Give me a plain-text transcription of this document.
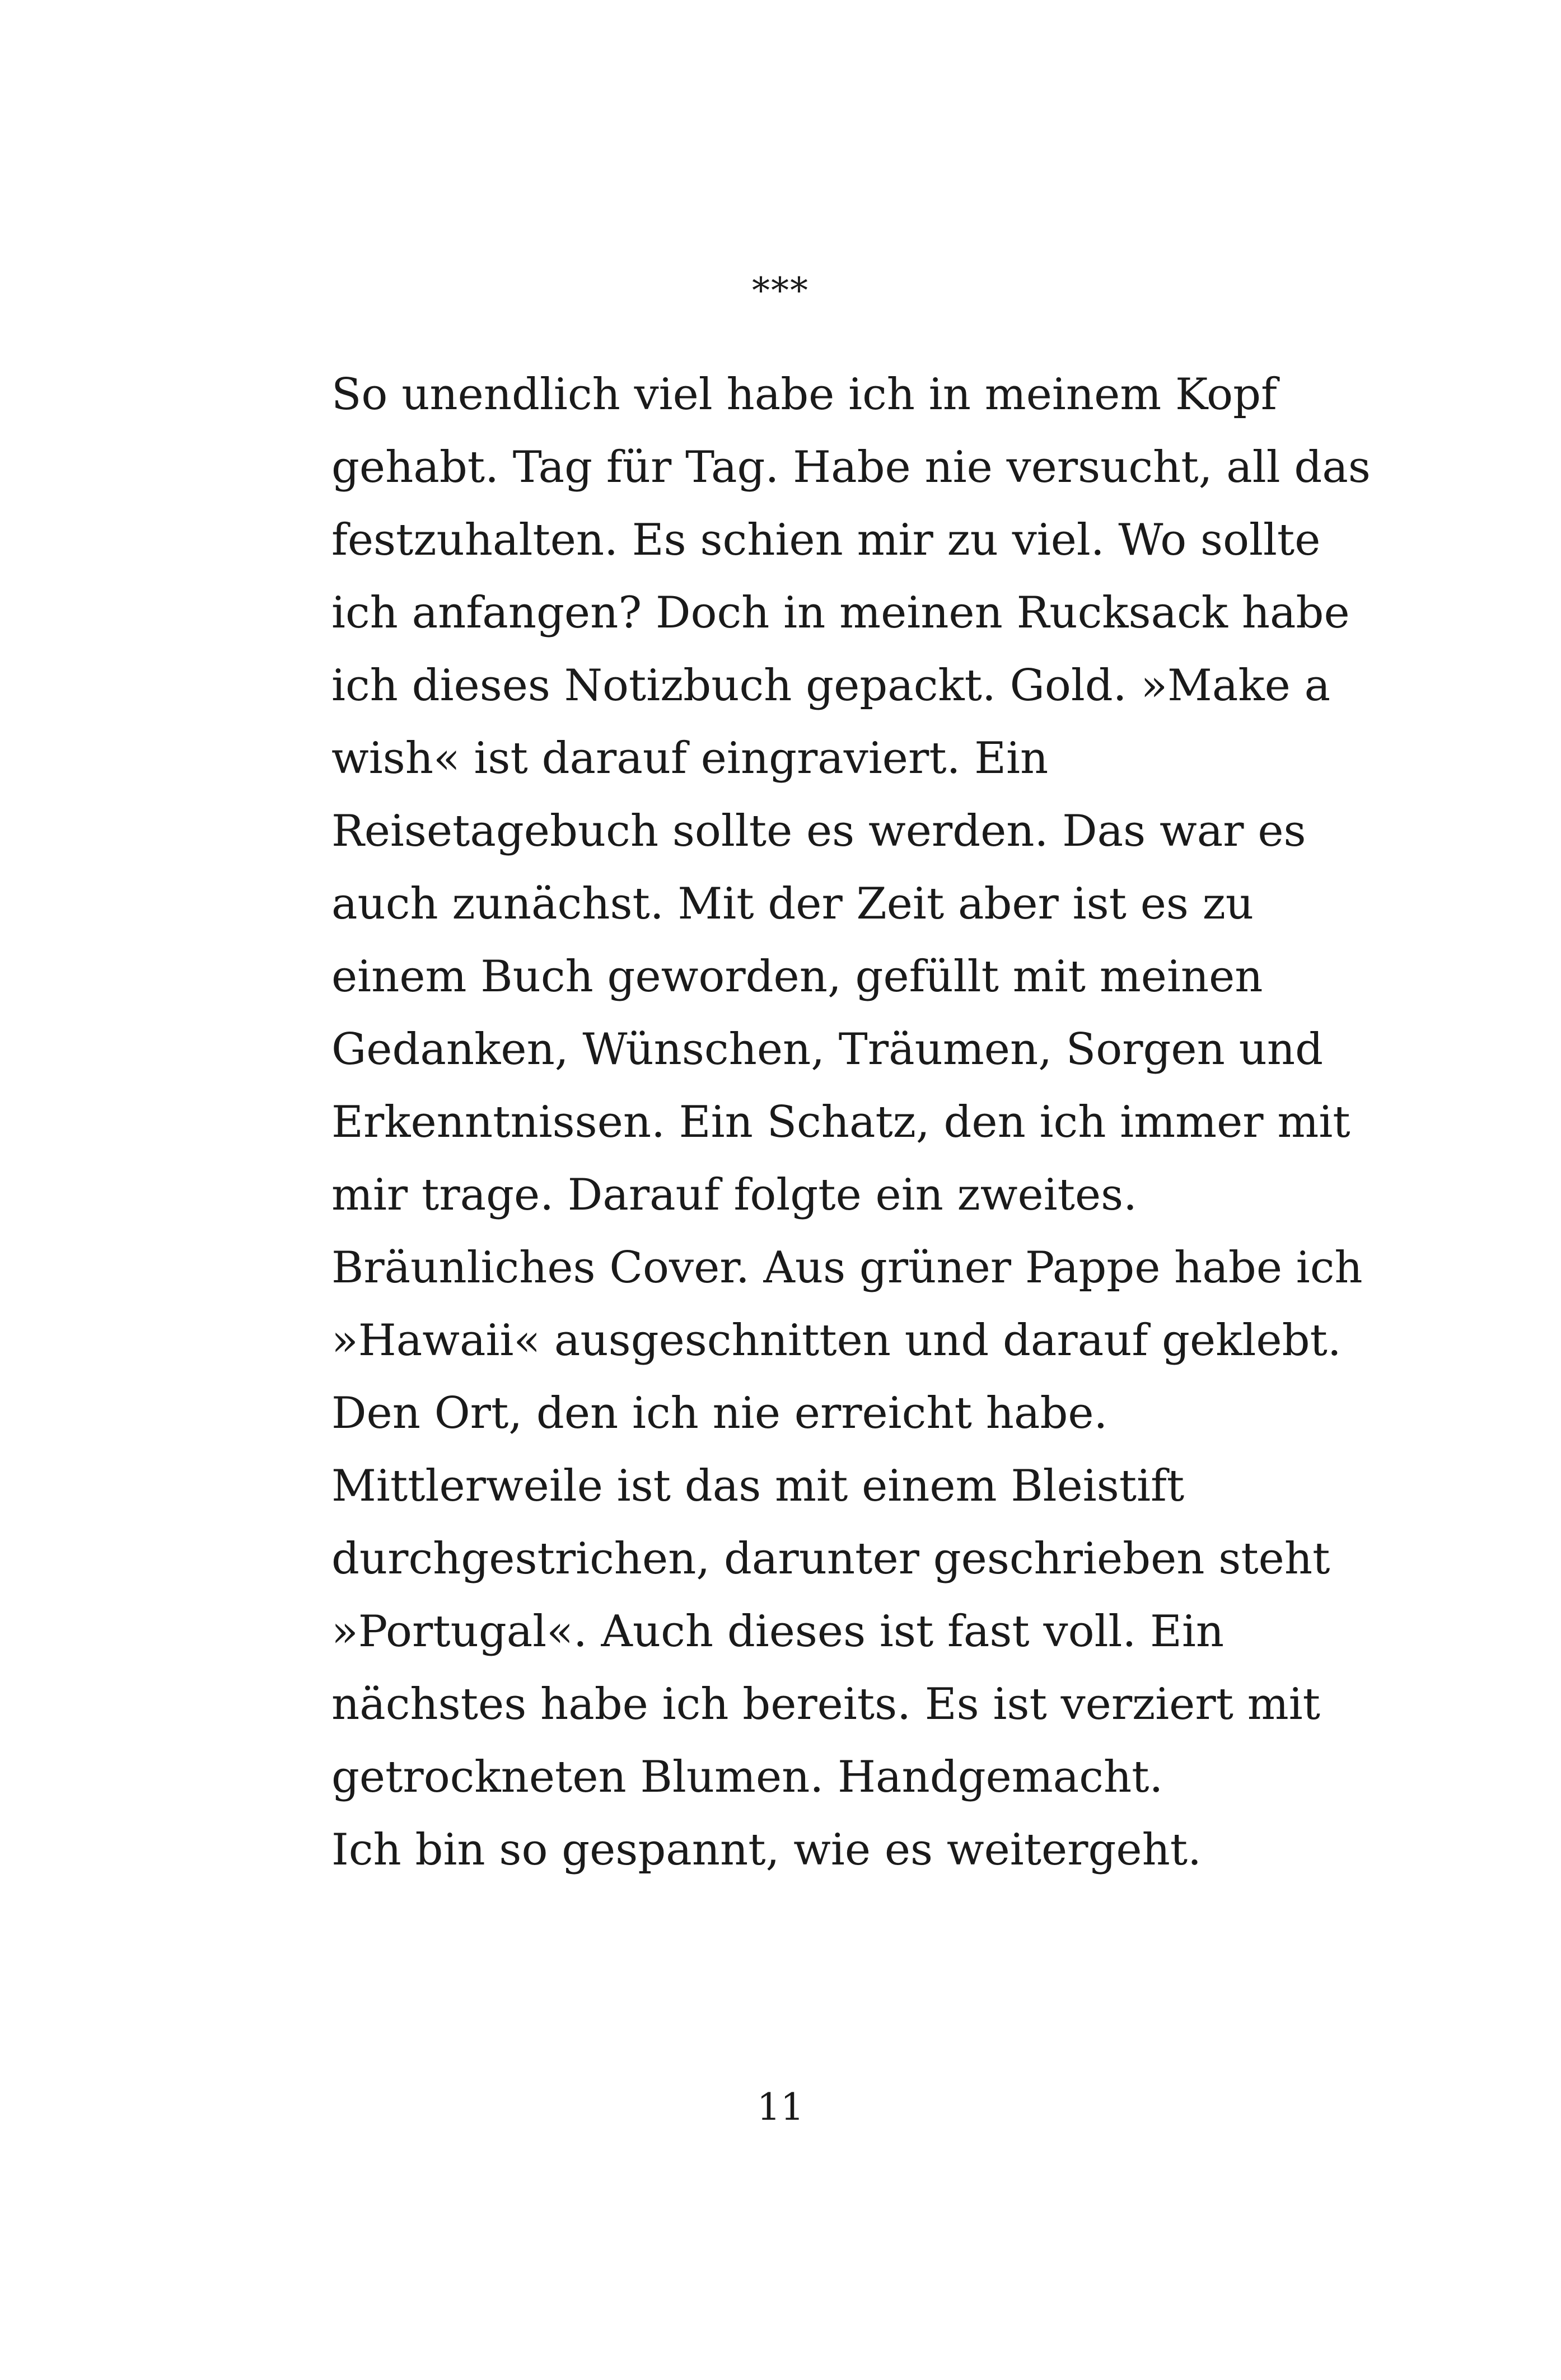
***
So unendlich viel habe ich in meinem Kopf
gehabt. Tag für Tag. Habe nie versucht, all das
festzuhalten. Es schien mir zu viel. Wo sollte
ich anfangen? Doch in meinen Rucksack habe
ich dieses Notizbuch gepackt. Gold. »Make a
wish« ist darauf eingraviert. Ein
Reisetagebuch sollte es werden. Das war es
auch zunächst. Mit der Zeit aber ist es zu
einem Buch geworden, gefüllt mit meinen
Gedanken, Wünschen, Träumen, Sorgen und
Erkenntnissen. Ein Schatz, den ich immer mit
mir trage. Darauf folgte ein zweites.
Bräunliches Cover. Aus grüner Pappe habe ich
»Hawaii« ausgeschnitten und darauf geklebt.
Den Ort, den ich nie erreicht habe.
Mittlerweile ist das mit einem Bleistift
durchgestrichen, darunter geschrieben steht
»Portugal«. Auch dieses ist fast voll. Ein
nächstes habe ich bereits. Es ist verziert mit
getrockneten Blumen. Handgemacht.
Ich bin so gespannt, wie es weitergeht.
11
